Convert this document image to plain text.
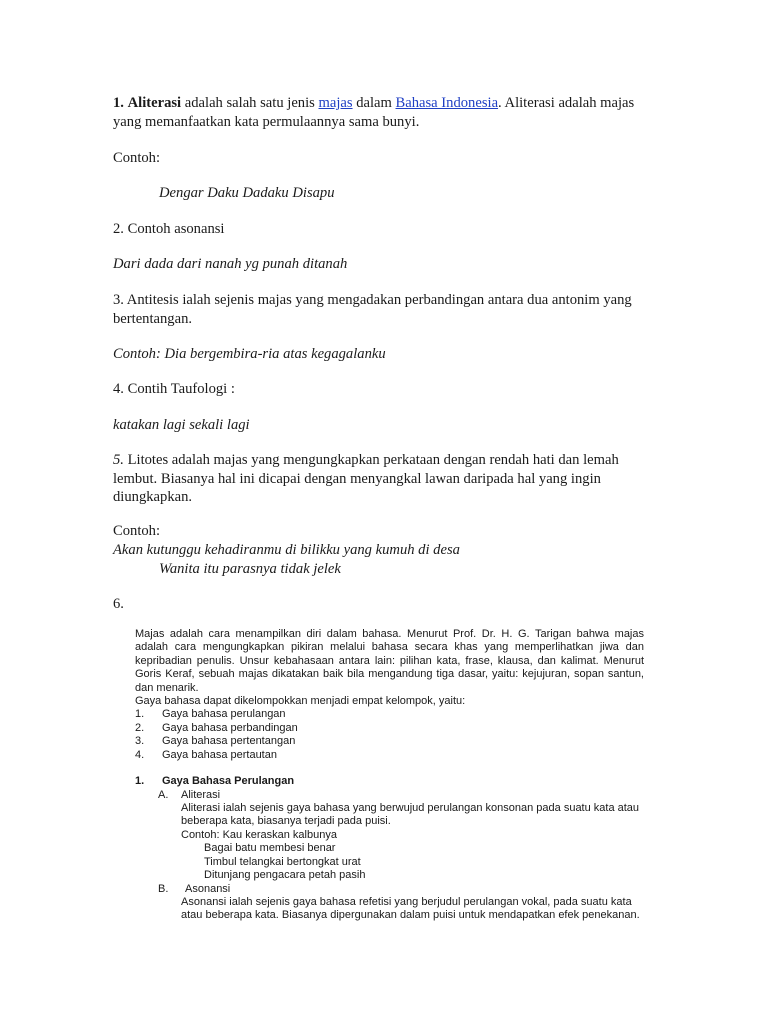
1. Aliterasi adalah salah satu jenis majas dalam Bahasa Indonesia. Aliterasi adalah majas

yang memanfaatkan kata permulaannya sama bunyi.

Contoh:

Dengar Daku Dadaku Disapu

2. Contoh asonansi

Dari dada dari nanah yg punah ditanah

3. Antitesis ialah sejenis majas yang mengadakan perbandingan antara dua antonim yang

bertentangan.

Contoh: Dia bergembira-ria atas kegagalanku

4. Contih Taufologi :

katakan lagi sekali lagi

5. Litotes adalah majas yang mengungkapkan perkataan dengan rendah hati dan lemah

lembut. Biasanya hal ini dicapai dengan menyangkal lawan daripada hal yang ingin

diungkapkan.

Contoh:

Akan kutunggu kehadiranmu di bilikku yang kumuh di desa

Wanita itu parasnya tidak jelek

6.

Majas adalah cara menampilkan diri dalam bahasa. Menurut Prof. Dr. H. G. Tarigan bahwa majas
adalah cara mengungkapkan pikiran melalui bahasa secara khas yang memperlihatkan jiwa dan
kepribadian penulis. Unsur kebahasaan antara lain: pilihan kata, frase, klausa, dan kalimat. Menurut
Goris Keraf, sebuah majas dikatakan baik bila mengandung tiga dasar, yaitu: kejujuran, sopan santun,
dan menarik.
Gaya bahasa dapat dikelompokkan menjadi empat kelompok, yaitu:
1. Gaya bahasa perulangan
2. Gaya bahasa perbandingan
3. Gaya bahasa pertentangan
4. Gaya bahasa pertautan
1. Gaya Bahasa Perulangan
A. Aliterasi
Aliterasi ialah sejenis gaya bahasa yang berwujud perulangan konsonan pada suatu kata atau
beberapa kata, biasanya terjadi pada puisi.
Contoh: Kau keraskan kalbunya
Bagai batu membesi benar
Timbul telangkai bertongkat urat
Ditunjang pengacara petah pasih
B. Asonansi
Asonansi ialah sejenis gaya bahasa refetisi yang berjudul perulangan vokal, pada suatu kata
atau beberapa kata. Biasanya dipergunakan dalam puisi untuk mendapatkan efek penekanan.
